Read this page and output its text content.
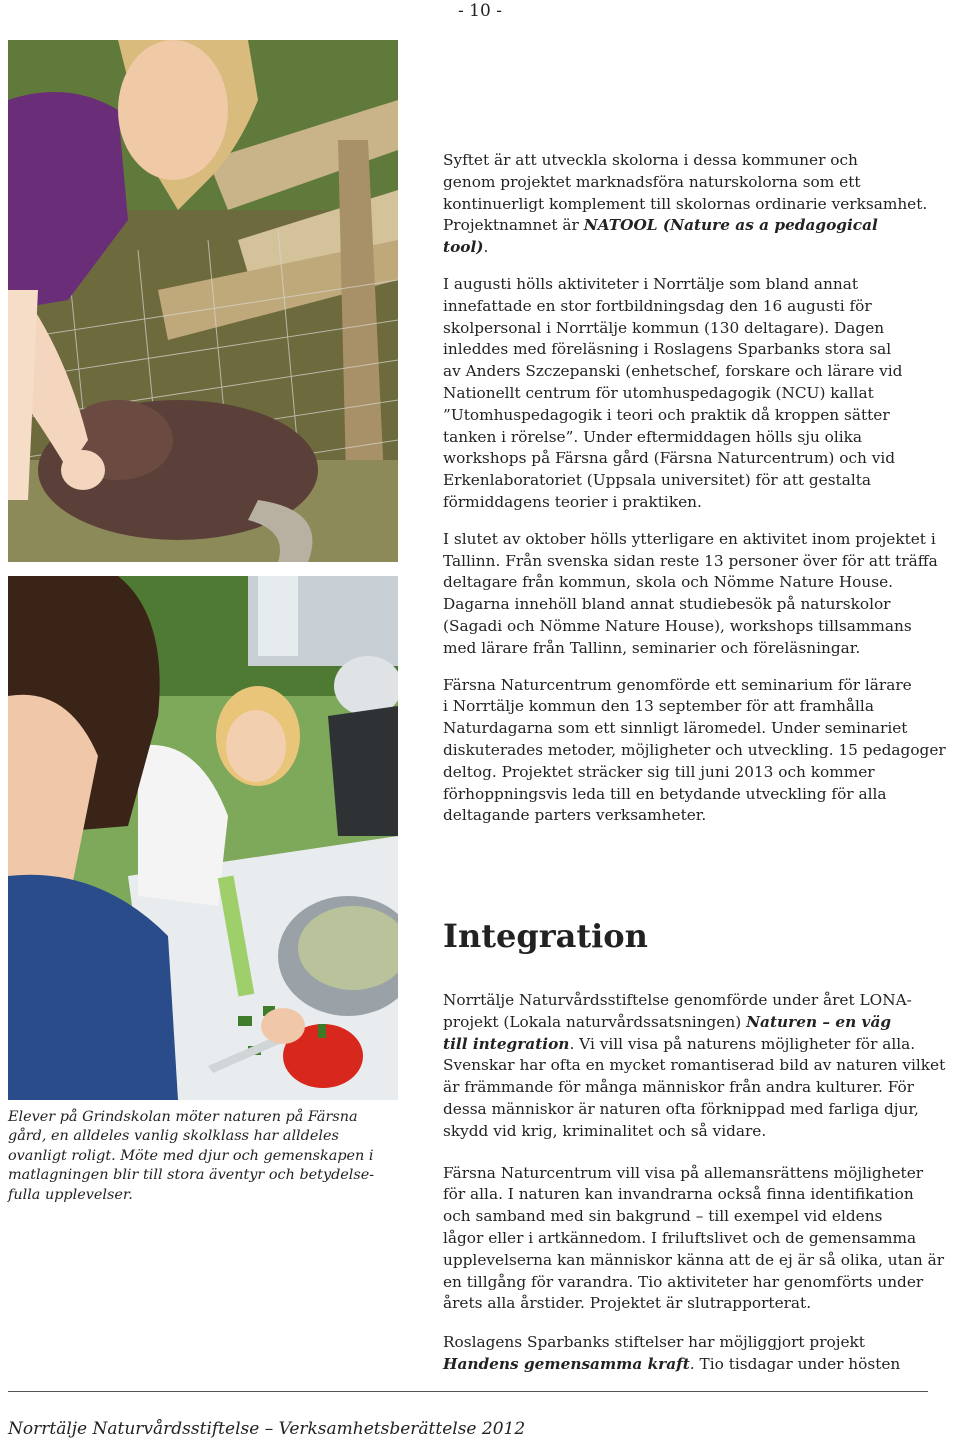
- 10 -
Elever på Grindskolan möter naturen på Färsna
gård, en alldeles vanlig skolklass har alldeles
ovanligt roligt. Möte med djur och gemenskapen i
matlagningen blir till stora äventyr och betydelse-
fulla upplevelser.

Syftet är att utveckla skolorna i dessa kommuner och
genom projektet marknadsföra naturskolorna som ett
kontinuerligt komplement till skolornas ordinarie verksamhet.
Projektnamnet är NATOOL (Nature as a pedagogical
tool).

I augusti hölls aktiviteter i Norrtälje som bland annat
innefattade en stor fortbildningsdag den 16 augusti för
skolpersonal i Norrtälje kommun (130 deltagare). Dagen
inleddes med föreläsning i Roslagens Sparbanks stora sal
av Anders Szczepanski (enhetschef, forskare och lärare vid
Nationellt centrum för utomhuspedagogik (NCU) kallat
”Utomhuspedagogik i teori och praktik då kroppen sätter
tanken i rörelse”. Under eftermiddagen hölls sju olika
workshops på Färsna gård (Färsna Naturcentrum) och vid
Erkenlaboratoriet (Uppsala universitet) för att gestalta
förmiddagens teorier i praktiken.

I slutet av oktober hölls ytterligare en aktivitet inom projektet i
Tallinn. Från svenska sidan reste 13 personer över för att träffa
deltagare från kommun, skola och Nömme Nature House.
Dagarna innehöll bland annat studiebesök på naturskolor
(Sagadi och Nömme Nature House), workshops tillsammans
med lärare från Tallinn, seminarier och föreläsningar.

Färsna Naturcentrum genomförde ett seminarium för lärare
i Norrtälje kommun den 13 september för att framhålla
Naturdagarna som ett sinnligt läromedel. Under seminariet
diskuterades metoder, möjligheter och utveckling. 15 pedagoger
deltog. Projektet sträcker sig till juni 2013 och kommer
förhoppningsvis leda till en betydande utveckling för alla
deltagande parters verksamheter.

Integration

Norrtälje Naturvårdsstiftelse genomförde under året LONA-
projekt (Lokala naturvårdssatsningen) Naturen – en väg
till integration. Vi vill visa på naturens möjligheter för alla.
Svenskar har ofta en mycket romantiserad bild av naturen vilket
är främmande för många människor från andra kulturer. För
dessa människor är naturen ofta förknippad med farliga djur,
skydd vid krig, kriminalitet och så vidare.

Färsna Naturcentrum vill visa på allemansrättens möjligheter
för alla. I naturen kan invandrarna också finna identifikation
och samband med sin bakgrund – till exempel vid eldens
lågor eller i artkännedom. I friluftslivet och de gemensamma
upplevelserna kan människor känna att de ej är så olika, utan är
en tillgång för varandra. Tio aktiviteter har genomförts under
årets alla årstider. Projektet är slutrapporterat.

Roslagens Sparbanks stiftelser har möjliggjort projekt
Handens gemensamma kraft. Tio tisdagar under hösten

Norrtälje Naturvårdsstiftelse – Verksamhetsberättelse 2012
